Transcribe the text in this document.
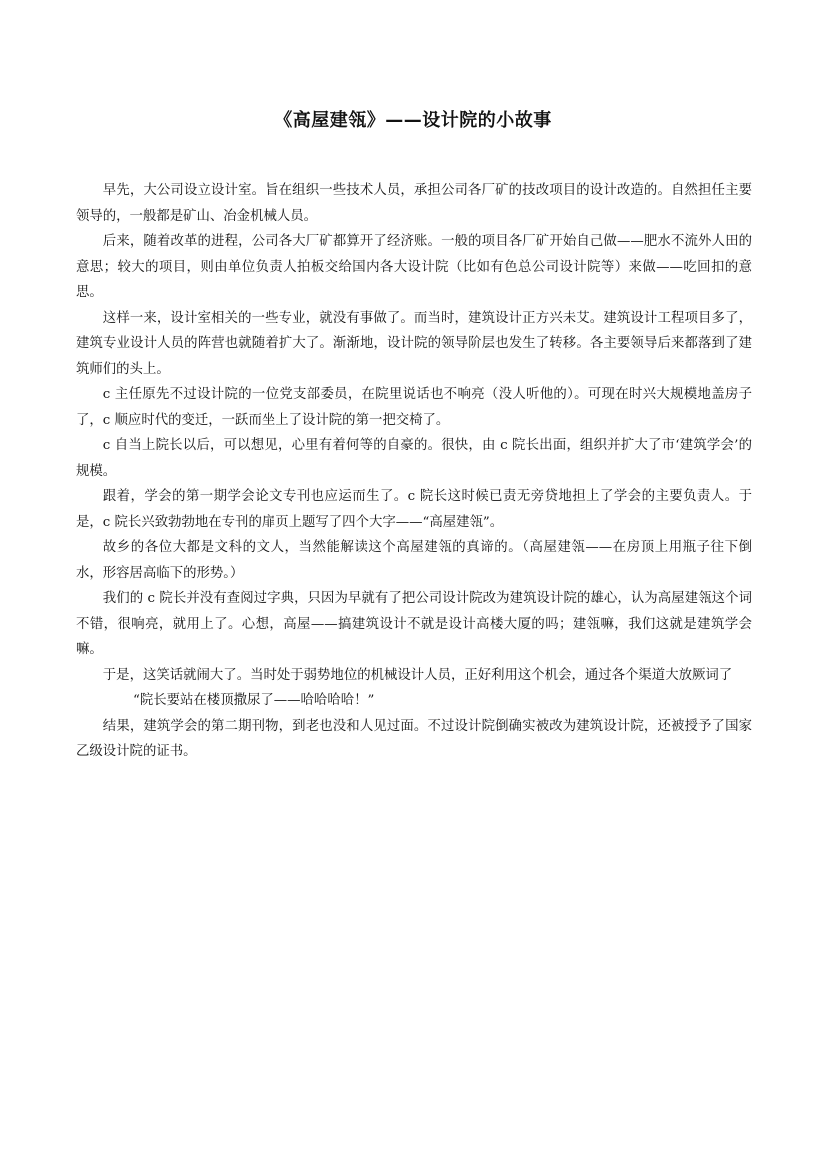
《高屋建瓴》——设计院的小故事

早先，大公司设立设计室。旨在组织一些技术人员，承担公司各厂矿的技改项目的设计改造的。自然担任主要领导的，一般都是矿山、冶金机械人员。

后来，随着改革的进程，公司各大厂矿都算开了经济账。一般的项目各厂矿开始自己做——肥水不流外人田的意思；较大的项目，则由单位负责人拍板交给国内各大设计院（比如有色总公司设计院等）来做——吃回扣的意思。

这样一来，设计室相关的一些专业，就没有事做了。而当时，建筑设计正方兴未艾。建筑设计工程项目多了，建筑专业设计人员的阵营也就随着扩大了。渐渐地，设计院的领导阶层也发生了转移。各主要领导后来都落到了建筑师们的头上。

c 主任原先不过设计院的一位党支部委员，在院里说话也不响亮（没人听他的）。可现在时兴大规模地盖房子了，c 顺应时代的变迁，一跃而坐上了设计院的第一把交椅了。

c 自当上院长以后，可以想见，心里有着何等的自豪的。很快，由 c 院长出面，组织并扩大了市‘建筑学会’的规模。

跟着，学会的第一期学会论文专刊也应运而生了。c 院长这时候已责无旁贷地担上了学会的主要负责人。于是，c 院长兴致勃勃地在专刊的扉页上题写了四个大字——“高屋建瓴”。

故乡的各位大都是文科的文人，当然能解读这个高屋建瓴的真谛的。（高屋建瓴——在房顶上用瓶子往下倒水，形容居高临下的形势。）

我们的 c 院长并没有查阅过字典，只因为早就有了把公司设计院改为建筑设计院的雄心，认为高屋建瓴这个词不错，很响亮，就用上了。心想，高屋——搞建筑设计不就是设计高楼大厦的吗；建瓴嘛，我们这就是建筑学会嘛。

于是，这笑话就闹大了。当时处于弱势地位的机械设计人员，正好利用这个机会，通过各个渠道大放厥词了

“院长要站在楼顶撒尿了——哈哈哈哈！”

结果，建筑学会的第二期刊物，到老也没和人见过面。不过设计院倒确实被改为建筑设计院，还被授予了国家乙级设计院的证书。
